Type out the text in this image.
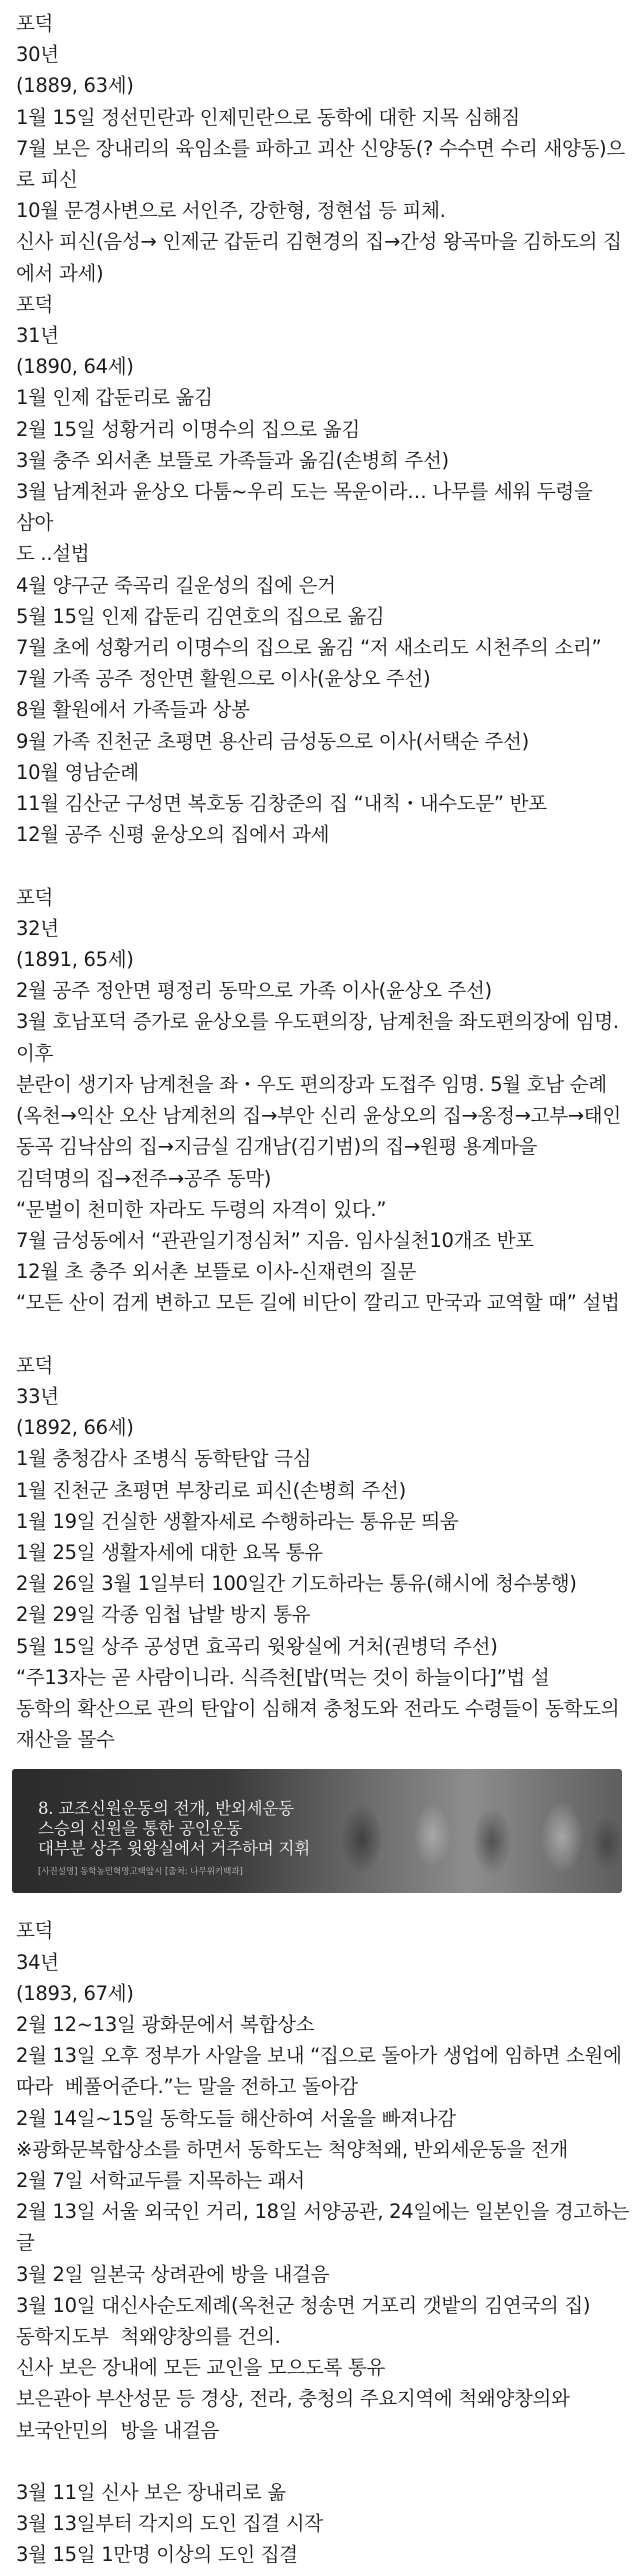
포덕

30년

(1889, 63세)

1월 15일 정선민란과 인제민란으로 동학에 대한 지목 심해짐

7월 보은 장내리의 육임소를 파하고 괴산 신양동(? 수수면 수리 새양동)으

로 피신

10월 문경사변으로 서인주, 강한형, 정현섭 등 피체.

신사 피신(음성→ 인제군 갑둔리 김현경의 집→간성 왕곡마을 김하도의 집

에서 과세)

포덕

31년

(1890, 64세)

1월 인제 갑둔리로 옮김

2월 15일 성황거리 이명수의 집으로 옮김

3월 충주 외서촌 보뜰로 가족들과 옮김(손병희 주선)

3월 남계천과 윤상오 다툼~우리 도는 목운이라… 나무를 세워 두령을 삼아

도 ..설법

4월 양구군 죽곡리 길운성의 집에 은거

5월 15일 인제 갑둔리 김연호의 집으로 옮김

7월 초에 성황거리 이명수의 집으로 옮김 “저 새소리도 시천주의 소리”

7월 가족 공주 정안면 활원으로 이사(윤상오 주선)

8월 활원에서 가족들과 상봉

9월 가족 진천군 초평면 용산리 금성동으로 이사(서택순 주선)

10월 영남순례

11월 김산군 구성면 복호동 김창준의 집 “내칙・내수도문” 반포

12월 공주 신평 윤상오의 집에서 과세

포덕

32년

(1891, 65세)

2월 공주 정안면 평정리 동막으로 가족 이사(윤상오 주선)

3월 호남포덕 증가로 윤상오를 우도편의장, 남계천을 좌도편의장에 임명.

이후

분란이 생기자 남계천을 좌・우도 편의장과 도접주 임명. 5월 호남 순례

(옥천→익산 오산 남계천의 집→부안 신리 윤상오의 집→옹정→고부→태인

동곡 김낙삼의 집→지금실 김개남(김기범)의 집→원평 용계마을

김덕명의 집→전주→공주 동막)

“문벌이 천미한 자라도 두령의 자격이 있다.”

7월 금성동에서 “관관일기정심처” 지음. 임사실천10개조 반포

12월 초 충주 외서촌 보뜰로 이사-신재련의 질문

“모든 산이 검게 변하고 모든 길에 비단이 깔리고 만국과 교역할 때” 설법

포덕

33년

(1892, 66세)

1월 충청감사 조병식 동학탄압 극심

1월 진천군 초평면 부창리로 피신(손병희 주선)

1월 19일 건실한 생활자세로 수행하라는 통유문 띄움

1월 25일 생활자세에 대한 요목 통유

2월 26일 3월 1일부터 100일간 기도하라는 통유(해시에 청수봉행)

2월 29일 각종 임첩 납발 방지 통유

5월 15일 상주 공성면 효곡리 윗왕실에 거처(권병덕 주선)

“주13자는 곧 사람이니라. 식즉천[밥(먹는 것이 하늘이다]”법 설

동학의 확산으로 관의 탄압이 심해져 충청도와 전라도 수령들이 동학도의

재산을 몰수

8. 교조신원운동의 전개, 반외세운동
스승의 신원을 통한 공인운동
대부분 상주 윗왕실에서 거주하며 지휘
[사진설명] 동학농민혁명고택앞시 [출처: 나무위키백과]

포덕

34년

(1893, 67세)

2월 12~13일 광화문에서 복합상소

2월 13일 오후 정부가 사알을 보내 “집으로 돌아가 생업에 임하면 소원에

따라  베풀어준다.”는 말을 전하고 돌아감

2월 14일~15일 동학도들 해산하여 서울을 빠져나감

※광화문복합상소를 하면서 동학도는 척양척왜, 반외세운동을 전개

2월 7일 서학교두를 지목하는 괘서

2월 13일 서울 외국인 거리, 18일 서양공관, 24일에는 일본인을 경고하는 글

3월 2일 일본국 상려관에 방을 내걸음

3월 10일 대신사순도제례(옥천군 청송면 거포리 갯밭의 김연국의 집)

동학지도부  척왜양창의를 건의.

신사 보은 장내에 모든 교인을 모으도록 통유

보은관아 부산성문 등 경상, 전라, 충청의 주요지역에 척왜양창의와

보국안민의  방을 내걸음

3월 11일 신사 보은 장내리로 옮

3월 13일부터 각지의 도인 집결 시작

3월 15일 1만명 이상의 도인 집결
